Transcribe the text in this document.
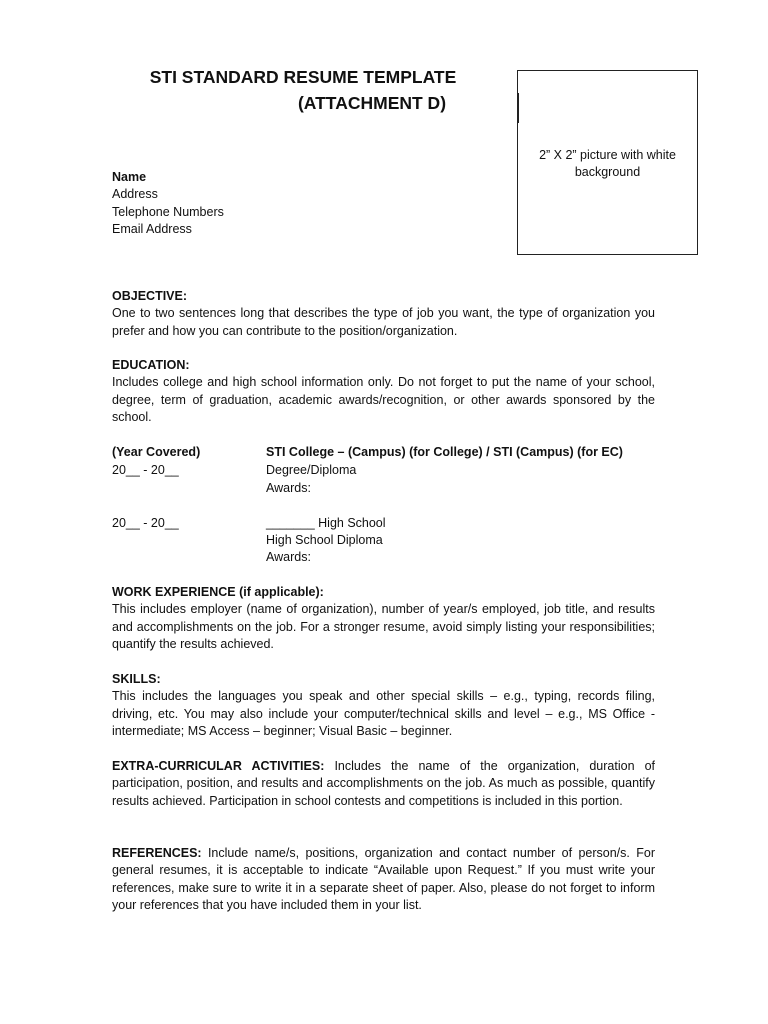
STI STANDARD RESUME TEMPLATE
(ATTACHMENT D)
2” X 2” picture with white background
Name
Address
Telephone Numbers
Email Address
OBJECTIVE:
One to two sentences long that describes the type of job you want, the type of organization you prefer and how you can contribute to the position/organization.
EDUCATION:
Includes college and high school information only. Do not forget to put the name of your school, degree, term of graduation, academic awards/recognition, or other awards sponsored by the school.
(Year Covered)	STI College – (Campus) (for College) / STI (Campus) (for EC)
20__ - 20__	Degree/Diploma
Awards:
20__ - 20__	_______ High School
High School Diploma
Awards:
WORK EXPERIENCE (if applicable):
This includes employer (name of organization), number of year/s employed, job title, and results and accomplishments on the job. For a stronger resume, avoid simply listing your responsibilities; quantify the results achieved.
SKILLS:
This includes the languages you speak and other special skills – e.g., typing, records filing, driving, etc. You may also include your computer/technical skills and level – e.g., MS Office - intermediate; MS Access – beginner; Visual Basic – beginner.
EXTRA-CURRICULAR ACTIVITIES: Includes the name of the organization, duration of participation, position, and results and accomplishments on the job. As much as possible, quantify results achieved. Participation in school contests and competitions is included in this portion.
REFERENCES: Include name/s, positions, organization and contact number of person/s. For general resumes, it is acceptable to indicate “Available upon Request.” If you must write your references, make sure to write it in a separate sheet of paper. Also, please do not forget to inform your references that you have included them in your list.
